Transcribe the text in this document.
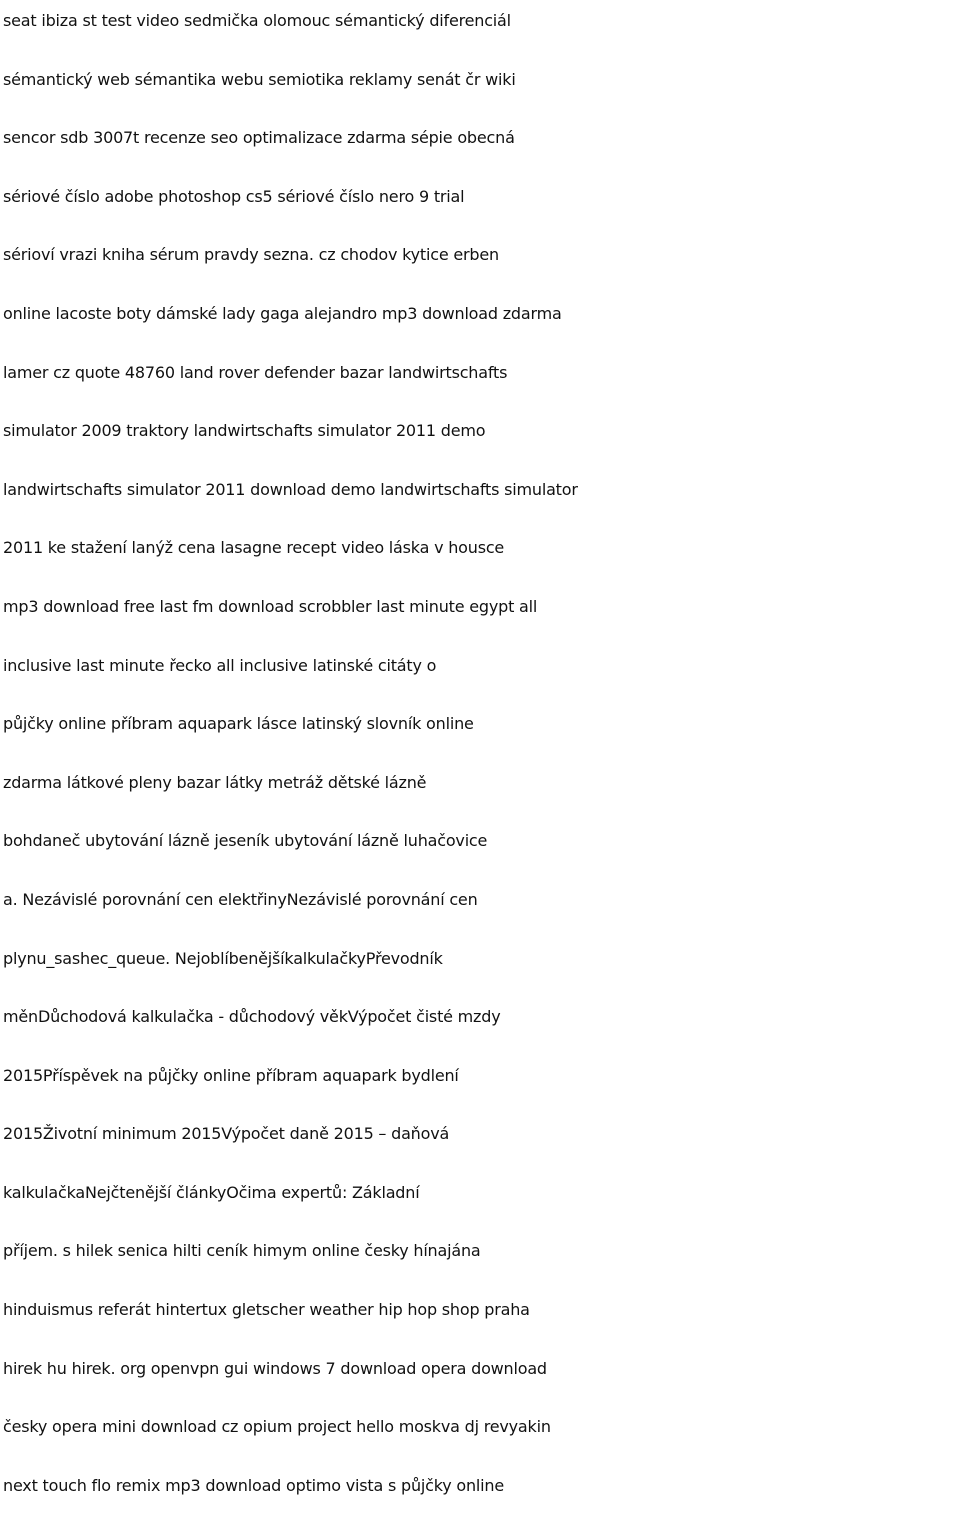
seat ibiza st test video sedmička olomouc sémantický diferenciál
sémantický web sémantika webu semiotika reklamy senát čr wiki
sencor sdb 3007t recenze seo optimalizace zdarma sépie obecná
sériové číslo adobe photoshop cs5 sériové číslo nero 9 trial
sérioví vrazi kniha sérum pravdy sezna. cz chodov kytice erben
online lacoste boty dámské lady gaga alejandro mp3 download zdarma
lamer cz quote 48760 land rover defender bazar landwirtschafts
simulator 2009 traktory landwirtschafts simulator 2011 demo
landwirtschafts simulator 2011 download demo landwirtschafts simulator
2011 ke stažení lanýž cena lasagne recept video láska v housce
mp3 download free last fm download scrobbler last minute egypt all
inclusive last minute řecko all inclusive latinské citáty o
půjčky online příbram aquapark lásce latinský slovník online
zdarma látkové pleny bazar látky metráž dětské lázně
bohdaneč ubytování lázně jeseník ubytování lázně luhačovice
a. Nezávislé porovnání cen elektřinyNezávislé porovnání cen
plynu_sashec_queue. NejoblíbenějšíkalkulačkyPřevodník
měnDůchodová kalkulačka - důchodový věkVýpočet čisté mzdy
2015Příspěvek na půjčky online příbram aquapark bydlení
2015Životní minimum 2015Výpočet daně 2015 – daňová
kalkulačkaNejčtenější článkyOčima expertů: Základní
příjem. s hilek senica hilti ceník himym online česky hínajána
hinduismus referát hintertux gletscher weather hip hop shop praha
hirek hu hirek. org openvpn gui windows 7 download opera download
česky opera mini download cz opium project hello moskva dj revyakin
next touch flo remix mp3 download optimo vista s půjčky online
